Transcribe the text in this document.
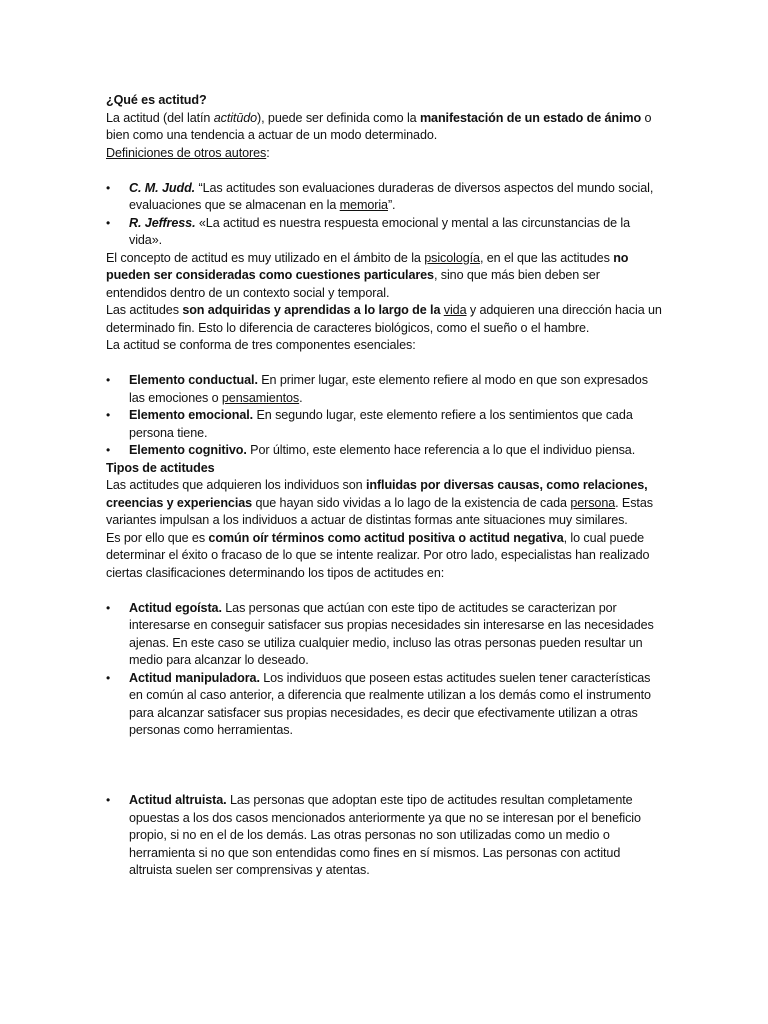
¿Qué es actitud?

La actitud (del latín actitūdo), puede ser definida como la manifestación de un estado de ánimo o bien como una tendencia a actuar de un modo determinado.

Definiciones de otros autores:

•	C. M. Judd. “Las actitudes son evaluaciones duraderas de diversos aspectos del mundo social, evaluaciones que se almacenan en la memoria”.
•	R. Jeffress. «La actitud es nuestra respuesta emocional y mental a las circunstancias de la vida».

El concepto de actitud es muy utilizado en el ámbito de la psicología, en el que las actitudes no pueden ser consideradas como cuestiones particulares, sino que más bien deben ser entendidos dentro de un contexto social y temporal.

Las actitudes son adquiridas y aprendidas a lo largo de la vida y adquieren una dirección hacia un determinado fin. Esto lo diferencia de caracteres biológicos, como el sueño o el hambre.

La actitud se conforma de tres componentes esenciales:

•	Elemento conductual. En primer lugar, este elemento refiere al modo en que son expresados las emociones o pensamientos.
•	Elemento emocional. En segundo lugar, este elemento refiere a los sentimientos que cada persona tiene.
•	Elemento cognitivo. Por último, este elemento hace referencia a lo que el individuo piensa.

Tipos de actitudes

Las actitudes que adquieren los individuos son influidas por diversas causas, como relaciones, creencias y experiencias que hayan sido vividas a lo lago de la existencia de cada persona. Estas variantes impulsan a los individuos a actuar de distintas formas ante situaciones muy similares.

Es por ello que es común oír términos como actitud positiva o actitud negativa, lo cual puede determinar el éxito o fracaso de lo que se intente realizar. Por otro lado, especialistas han realizado ciertas clasificaciones determinando los tipos de actitudes en:

•	Actitud egoísta. Las personas que actúan con este tipo de actitudes se caracterizan por interesarse en conseguir satisfacer sus propias necesidades sin interesarse en las necesidades ajenas. En este caso se utiliza cualquier medio, incluso las otras personas pueden resultar un medio para alcanzar lo deseado.
•	Actitud manipuladora. Los individuos que poseen estas actitudes suelen tener características en común al caso anterior, a diferencia que realmente utilizan a los demás como el instrumento para alcanzar satisfacer sus propias necesidades, es decir que efectivamente utilizan a otras personas como herramientas.
•	Actitud altruista. Las personas que adoptan este tipo de actitudes resultan completamente opuestas a los dos casos mencionados anteriormente ya que no se interesan por el beneficio propio, si no en el de los demás. Las otras personas no son utilizadas como un medio o herramienta si no que son entendidas como fines en sí mismos. Las personas con actitud altruista suelen ser comprensivas y atentas.
